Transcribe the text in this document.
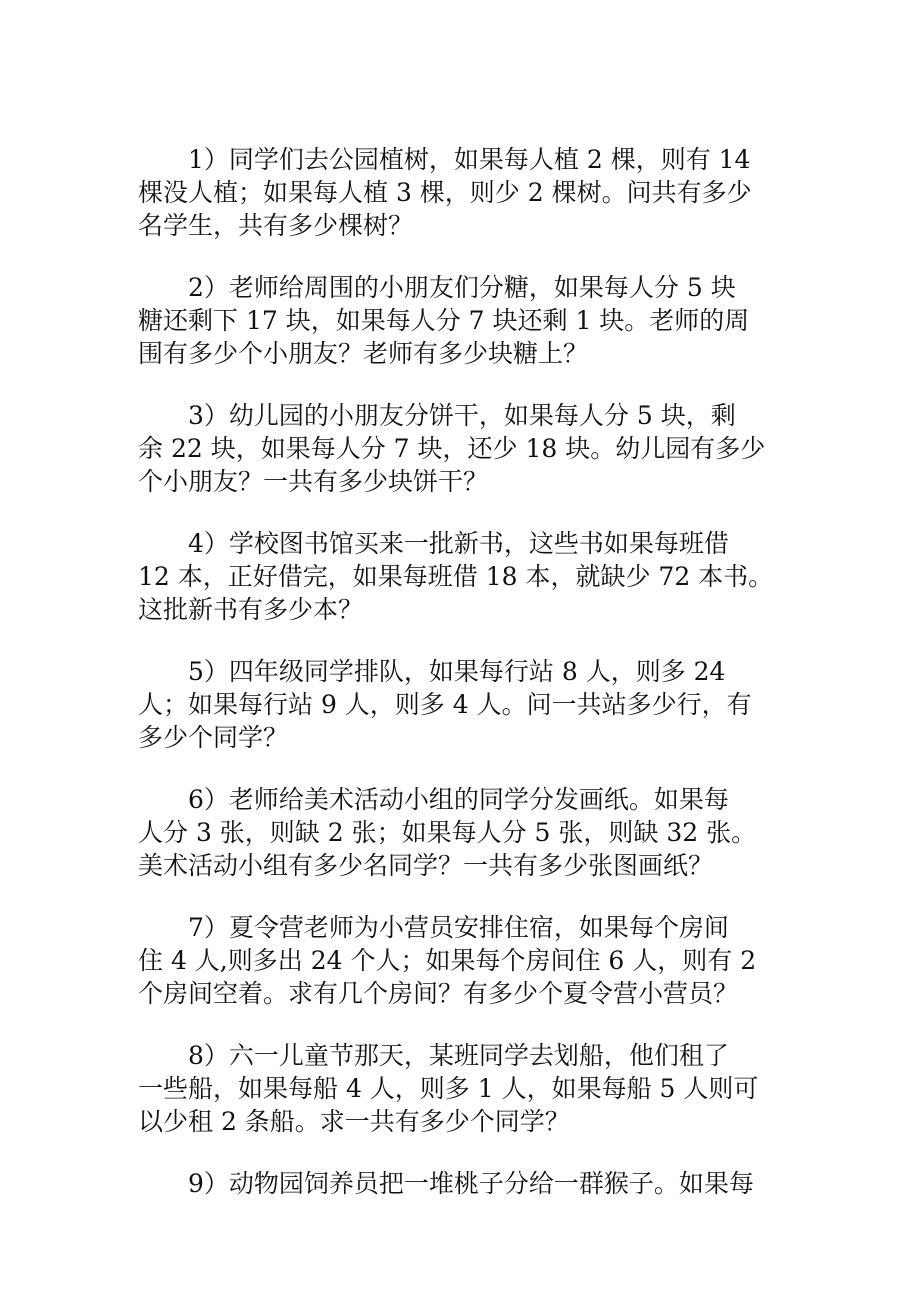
1）同学们去公园植树，如果每人植 2 棵，则有 14
棵没人植；如果每人植 3 棵，则少 2 棵树。问共有多少
名学生，共有多少棵树？

2）老师给周围的小朋友们分糖，如果每人分 5 块
糖还剩下 17 块，如果每人分 7 块还剩 1 块。老师的周
围有多少个小朋友？老师有多少块糖上？

3）幼儿园的小朋友分饼干，如果每人分 5 块，剩
余 22 块，如果每人分 7 块，还少 18 块。幼儿园有多少
个小朋友？一共有多少块饼干？

4）学校图书馆买来一批新书，这些书如果每班借
12 本，正好借完，如果每班借 18 本，就缺少 72 本书。
这批新书有多少本？

5）四年级同学排队，如果每行站 8 人，则多 24
人；如果每行站 9 人，则多 4 人。问一共站多少行，有
多少个同学？

6）老师给美术活动小组的同学分发画纸。如果每
人分 3 张，则缺 2 张；如果每人分 5 张，则缺 32 张。
美术活动小组有多少名同学？一共有多少张图画纸？

7）夏令营老师为小营员安排住宿，如果每个房间
住 4 人,则多出 24 个人；如果每个房间住 6 人，则有 2
个房间空着。求有几个房间？有多少个夏令营小营员？

8）六一儿童节那天，某班同学去划船，他们租了
一些船，如果每船 4 人，则多 1 人，如果每船 5 人则可
以少租 2 条船。求一共有多少个同学？

9）动物园饲养员把一堆桃子分给一群猴子。如果每
